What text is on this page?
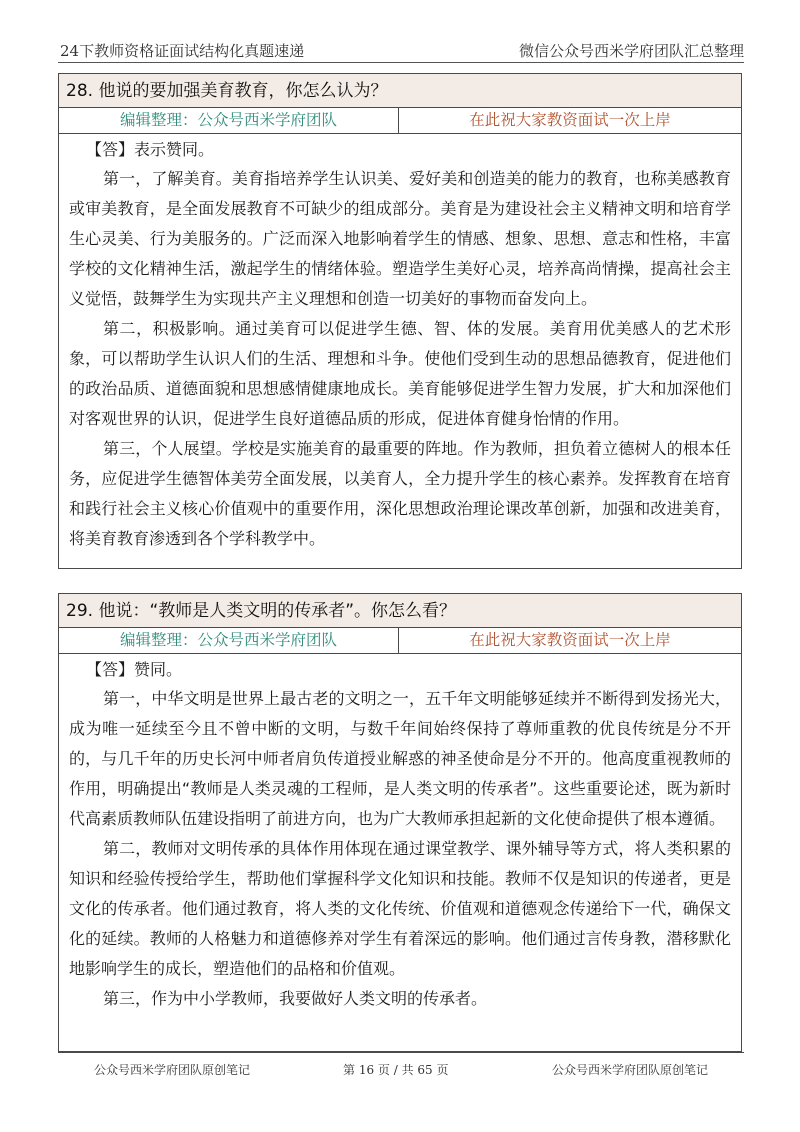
24下教师资格证面试结构化真题速递	微信公众号西米学府团队汇总整理
28. 他说的要加强美育教育，你怎么认为？
编辑整理：公众号西米学府团队	在此祝大家教资面试一次上岸

【答】表示赞同。

第一，了解美育。美育指培养学生认识美、爱好美和创造美的能力的教育，也称美感教育或审美教育，是全面发展教育不可缺少的组成部分。美育是为建设社会主义精神文明和培育学生心灵美、行为美服务的。广泛而深入地影响着学生的情感、想象、思想、意志和性格，丰富学校的文化精神生活，激起学生的情绪体验。塑造学生美好心灵，培养高尚情操，提高社会主义觉悟，鼓舞学生为实现共产主义理想和创造一切美好的事物而奋发向上。

第二，积极影响。通过美育可以促进学生德、智、体的发展。美育用优美感人的艺术形象，可以帮助学生认识人们的生活、理想和斗争。使他们受到生动的思想品德教育，促进他们的政治品质、道德面貌和思想感情健康地成长。美育能够促进学生智力发展，扩大和加深他们对客观世界的认识，促进学生良好道德品质的形成，促进体育健身怡情的作用。

第三，个人展望。学校是实施美育的最重要的阵地。作为教师，担负着立德树人的根本任务，应促进学生德智体美劳全面发展，以美育人，全力提升学生的核心素养。发挥教育在培育和践行社会主义核心价值观中的重要作用，深化思想政治理论课改革创新，加强和改进美育，将美育教育渗透到各个学科教学中。

29. 他说：“教师是人类文明的传承者”。你怎么看？
编辑整理：公众号西米学府团队	在此祝大家教资面试一次上岸

【答】赞同。

第一，中华文明是世界上最古老的文明之一，五千年文明能够延续并不断得到发扬光大，成为唯一延续至今且不曾中断的文明，与数千年间始终保持了尊师重教的优良传统是分不开的，与几千年的历史长河中师者肩负传道授业解惑的神圣使命是分不开的。他高度重视教师的作用，明确提出“教师是人类灵魂的工程师，是人类文明的传承者”。这些重要论述，既为新时代高素质教师队伍建设指明了前进方向，也为广大教师承担起新的文化使命提供了根本遵循。

第二，教师对文明传承的具体作用体现在通过课堂教学、课外辅导等方式，将人类积累的知识和经验传授给学生，帮助他们掌握科学文化知识和技能。教师不仅是知识的传递者，更是文化的传承者。他们通过教育，将人类的文化传统、价值观和道德观念传递给下一代，确保文化的延续。教师的人格魅力和道德修养对学生有着深远的影响。他们通过言传身教，潜移默化地影响学生的成长，塑造他们的品格和价值观。

第三，作为中小学教师，我要做好人类文明的传承者。

公众号西米学府团队原创笔记	第 16 页 / 共 65 页	公众号西米学府团队原创笔记
